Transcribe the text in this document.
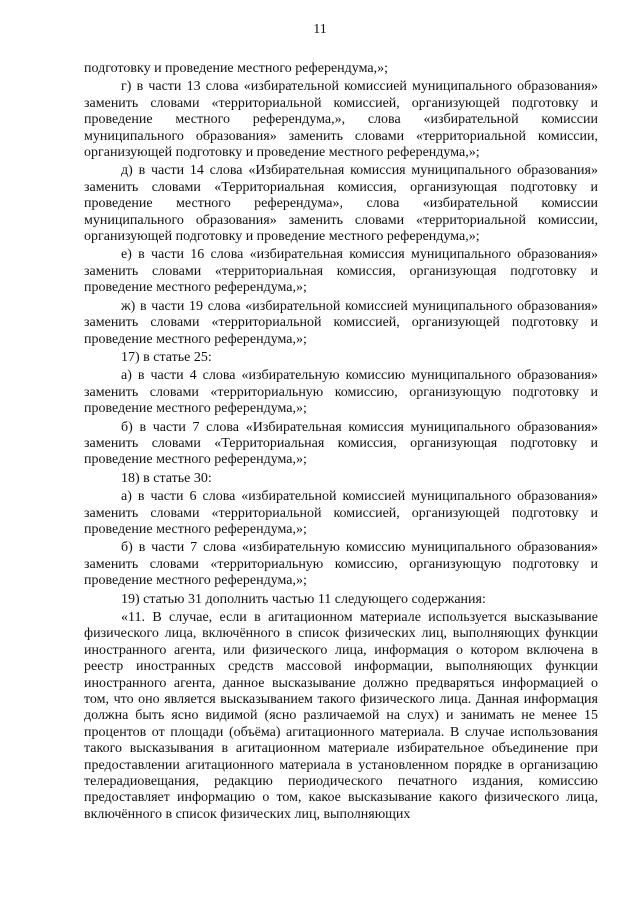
11

подготовку и проведение местного референдума,»;

г) в части 13 слова «избирательной комиссией муниципального образования» заменить словами «территориальной комиссией, организующей подготовку и проведение местного референдума,», слова «избирательной комиссии муниципального образования» заменить словами «территориальной комиссии, организующей подготовку и проведение местного референдума,»;

д) в части 14 слова «Избирательная комиссия муниципального образования» заменить словами «Территориальная комиссия, организующая подготовку и проведение местного референдума», слова «избирательной комиссии муниципального образования» заменить словами «территориальной комиссии, организующей подготовку и проведение местного референдума,»;

е) в части 16 слова «избирательная комиссия муниципального образования» заменить словами «территориальная комиссия, организующая подготовку и проведение местного референдума,»;

ж) в части 19 слова «избирательной комиссией муниципального образования» заменить словами «территориальной комиссией, организующей подготовку и проведение местного референдума,»;

17) в статье 25:

а) в части 4 слова «избирательную комиссию муниципального образования» заменить словами «территориальную комиссию, организующую подготовку и проведение местного референдума,»;

б) в части 7 слова «Избирательная комиссия муниципального образования» заменить словами «Территориальная комиссия, организующая подготовку и проведение местного референдума,»;

18) в статье 30:

а) в части 6 слова «избирательной комиссией муниципального образования» заменить словами «территориальной комиссией, организующей подготовку и проведение местного референдума,»;

б) в части 7 слова «избирательную комиссию муниципального образования» заменить словами «территориальную комиссию, организующую подготовку и проведение местного референдума,»;

19) статью 31 дополнить частью 11 следующего содержания:

«11. В случае, если в агитационном материале используется высказывание физического лица, включённого в список физических лиц, выполняющих функции иностранного агента, или физического лица, информация о котором включена в реестр иностранных средств массовой информации, выполняющих функции иностранного агента, данное высказывание должно предваряться информацией о том, что оно является высказыванием такого физического лица. Данная информация должна быть ясно видимой (ясно различаемой на слух) и занимать не менее 15 процентов от площади (объёма) агитационного материала. В случае использования такого высказывания в агитационном материале избирательное объединение при предоставлении агитационного материала в установленном порядке в организацию телерадиовещания, редакцию периодического печатного издания, комиссию предоставляет информацию о том, какое высказывание какого физического лица, включённого в список физических лиц, выполняющих
